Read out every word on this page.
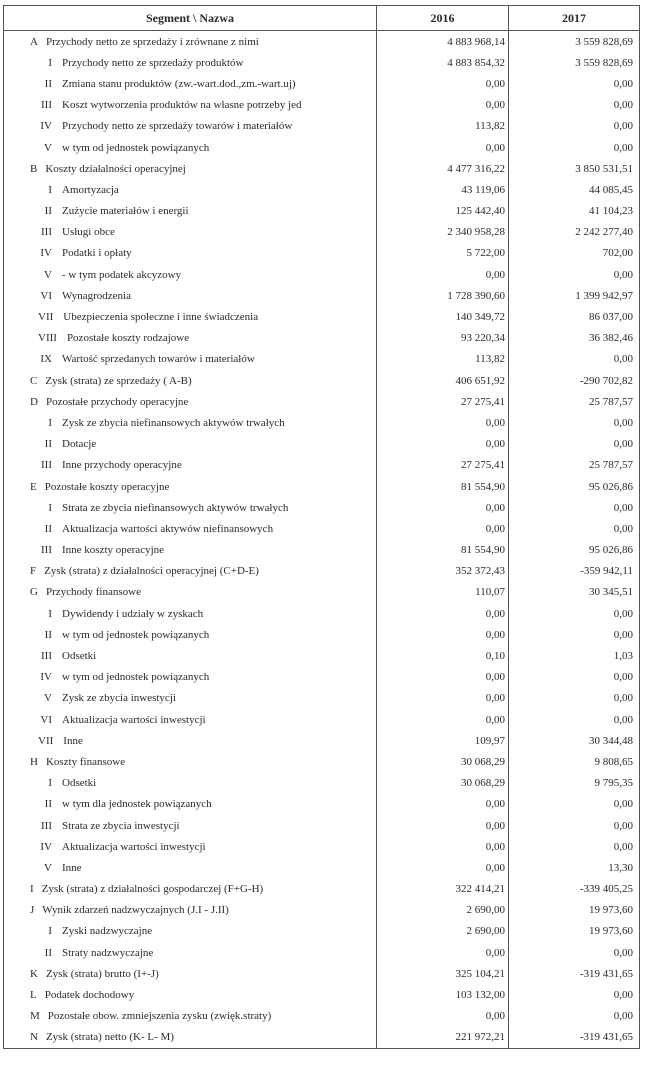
Segment \ Nazwa	2016	2017
A Przychody netto ze sprzedaży i zrównane z nimi	4 883 968,14	3 559 828,69
I Przychody netto ze sprzedaży produktów	4 883 854,32	3 559 828,69
II Zmiana stanu produktów (zw.-wart.dod.,zm.-wart.uj)	0,00	0,00
III Koszt wytworzenia produktów na własne potrzeby jed	0,00	0,00
IV Przychody netto ze sprzedaży towarów i materiałów	113,82	0,00
V w tym od jednostek powiązanych	0,00	0,00
B Koszty działalności operacyjnej	4 477 316,22	3 850 531,51
I Amortyzacja	43 119,06	44 085,45
II Zużycie materiałów i energii	125 442,40	41 104,23
III Usługi obce	2 340 958,28	2 242 277,40
IV Podatki i opłaty	5 722,00	702,00
V - w tym podatek akcyzowy	0,00	0,00
VI Wynagrodzenia	1 728 390,60	1 399 942,97
VII Ubezpieczenia społeczne i inne świadczenia	140 349,72	86 037,00
VIII Pozostałe koszty rodzajowe	93 220,34	36 382,46
IX Wartość sprzedanych towarów i materiałów	113,82	0,00
C Zysk (strata) ze sprzedaży ( A-B)	406 651,92	-290 702,82
D Pozostałe przychody operacyjne	27 275,41	25 787,57
I Zysk ze zbycia niefinansowych aktywów trwałych	0,00	0,00
II Dotacje	0,00	0,00
III Inne przychody operacyjne	27 275,41	25 787,57
E Pozostałe koszty operacyjne	81 554,90	95 026,86
I Strata ze zbycia niefinansowych aktywów trwałych	0,00	0,00
II Aktualizacja wartości aktywów niefinansowych	0,00	0,00
III Inne koszty operacyjne	81 554,90	95 026,86
F Zysk (strata) z działalności operacyjnej (C+D-E)	352 372,43	-359 942,11
G Przychody finansowe	110,07	30 345,51
I Dywidendy i udziały w zyskach	0,00	0,00
II w tym od jednostek powiązanych	0,00	0,00
III Odsetki	0,10	1,03
IV w tym od jednostek powiązanych	0,00	0,00
V Zysk ze zbycia inwestycji	0,00	0,00
VI Aktualizacja wartości inwestycji	0,00	0,00
VII Inne	109,97	30 344,48
H Koszty finansowe	30 068,29	9 808,65
I Odsetki	30 068,29	9 795,35
II w tym dla jednostek powiązanych	0,00	0,00
III Strata ze zbycia inwestycji	0,00	0,00
IV Aktualizacja wartości inwestycji	0,00	0,00
V Inne	0,00	13,30
I Zysk (strata) z działalności gospodarczej (F+G-H)	322 414,21	-339 405,25
J Wynik zdarzeń nadzwyczajnych (J.I - J.II)	2 690,00	19 973,60
I Zyski nadzwyczajne	2 690,00	19 973,60
II Straty nadzwyczajne	0,00	0,00
K Zysk (strata) brutto (I+-J)	325 104,21	-319 431,65
L Podatek dochodowy	103 132,00	0,00
M Pozostałe obow. zmniejszenia zysku (zwięk.straty)	0,00	0,00
N Zysk (strata) netto (K- L- M)	221 972,21	-319 431,65
